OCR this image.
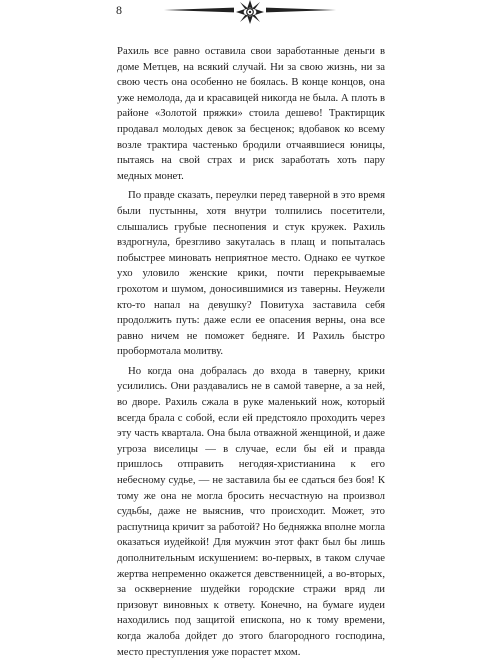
8

Рахиль все равно оставила свои заработанные деньги в доме Метцев, на всякий случай. Ни за свою жизнь, ни за свою честь она особенно не боялась. В конце концов, она уже немолода, да и красавицей никогда не была. А плоть в районе «Золотой пряжки» стоила дешево! Трактирщик продавал молодых девок за бесценок; вдобавок ко всему возле трактира частенько бродили отчаявшиеся юницы, пытаясь на свой страх и риск заработать хоть пару медных монет.

По правде сказать, переулки перед таверной в это время были пустынны, хотя внутри толпились посетители, слышались грубые песнопения и стук кружек. Рахиль вздрогнула, брезгливо закуталась в плащ и попыталась побыстрее миновать неприятное место. Однако ее чуткое ухо уловило женские крики, почти перекрываемые грохотом и шумом, доносившимися из таверны. Неужели кто-то напал на девушку? Повитуха заставила себя продолжить путь: даже если ее опасения верны, она все равно ничем не поможет бедняге. И Рахиль быстро пробормотала молитву.

Но когда она добралась до входа в таверну, крики усилились. Они раздавались не в самой таверне, а за ней, во дворе. Рахиль сжала в руке маленький нож, который всегда брала с собой, если ей предстояло проходить через эту часть квартала. Она была отважной женщиной, и даже угроза виселицы — в случае, если бы ей и правда пришлось отправить негодяя-христианина к его небесному судье, — не заставила бы ее сдаться без боя! К тому же она не могла бросить несчастную на произвол судьбы, даже не выяснив, что происходит. Может, это распутница кричит за работой? Но бедняжка вполне могла оказаться иудейкой! Для мужчин этот факт был бы лишь дополнительным искушением: во-первых, в таком случае жертва непременно окажется девственницей, а во-вторых, за осквернение шудейки городские стражи вряд ли призовут виновных к ответу. Конечно, на бумаге иудеи находились под защитой епископа, но к тому времени, когда жалоба дойдет до этого благородного господина, место преступления уже порастет мхом.
